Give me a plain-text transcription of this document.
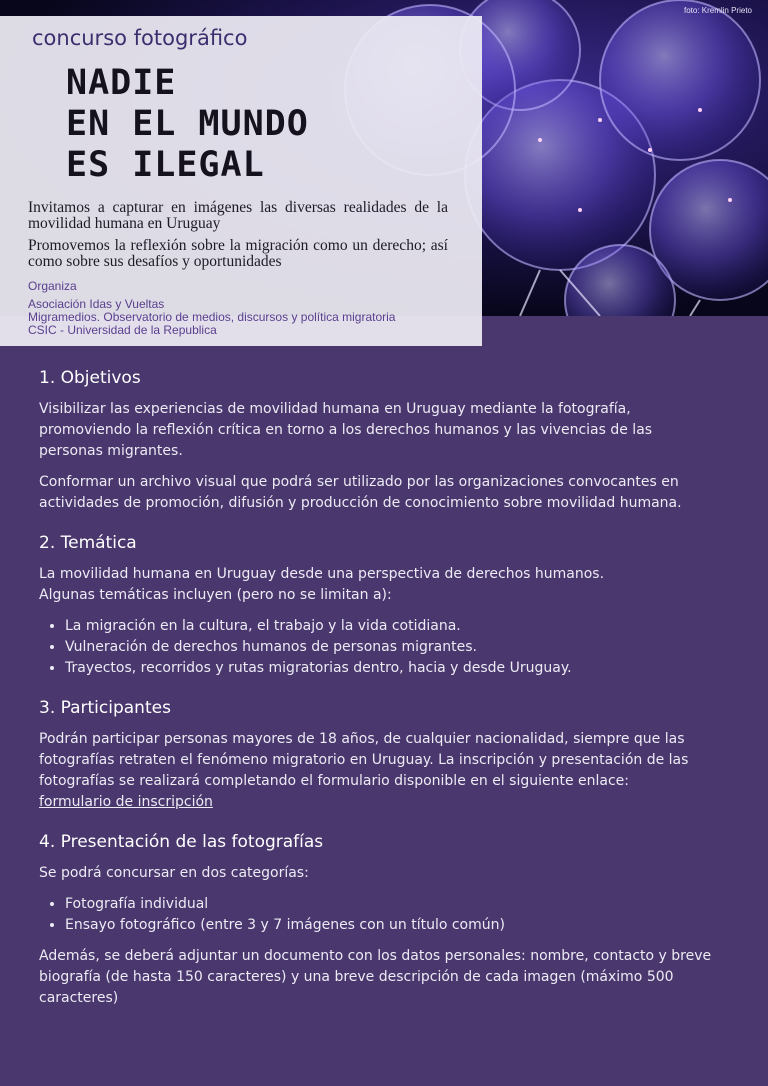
foto: Kremlin Prieto
concurso fotográfico
NADIE
EN EL MUNDO
ES ILEGAL

Invitamos a capturar en imágenes las diversas realidades de la movilidad humana en Uruguay

Promovemos la reflexión sobre la migración como un derecho; así como sobre sus desafíos y oportunidades

Organiza
Asociación Idas y Vueltas
Migramedios. Observatorio de medios, discursos y política migratoria
CSIC - Universidad de la Republica
1. Objetivos

Visibilizar las experiencias de movilidad humana en Uruguay mediante la fotografía, promoviendo la reflexión crítica en torno a los derechos humanos y las vivencias de las personas migrantes.

Conformar un archivo visual que podrá ser utilizado por las organizaciones convocantes en actividades de promoción, difusión y producción de conocimiento sobre movilidad humana.

2. Temática

La movilidad humana en Uruguay desde una perspectiva de derechos humanos.
Algunas temáticas incluyen (pero no se limitan a):

• La migración en la cultura, el trabajo y la vida cotidiana.
• Vulneración de derechos humanos de personas migrantes.
• Trayectos, recorridos y rutas migratorias dentro, hacia y desde Uruguay.
3. Participantes

Podrán participar personas mayores de 18 años, de cualquier nacionalidad, siempre que las fotografías retraten el fenómeno migratorio en Uruguay. La inscripción y presentación de las fotografías se realizará completando el formulario disponible en el siguiente enlace:
formulario de inscripción

4. Presentación de las fotografías

Se podrá concursar en dos categorías:

• Fotografía individual
• Ensayo fotográfico (entre 3 y 7 imágenes con un título común)

Además, se deberá adjuntar un documento con los datos personales: nombre, contacto y breve biografía (de hasta 150 caracteres) y una breve descripción de cada imagen (máximo 500 caracteres)
